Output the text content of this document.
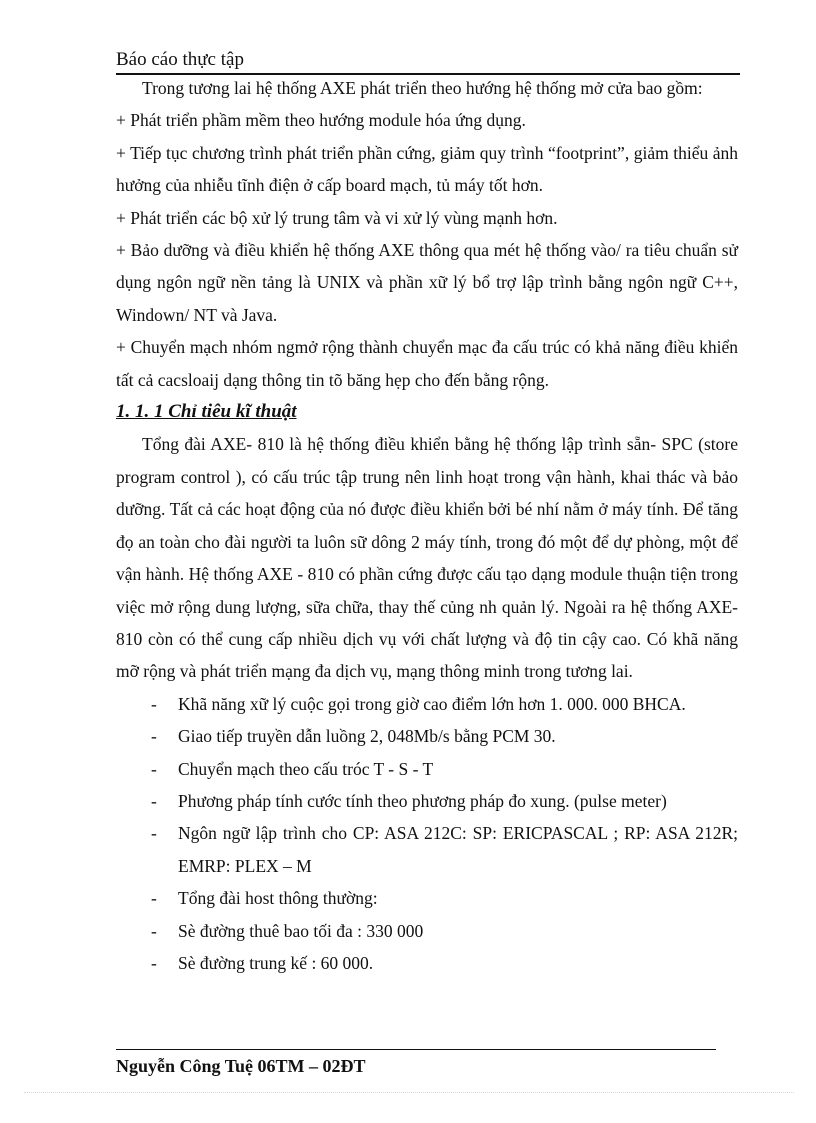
Báo cáo thực tập

Trong tương lai hệ thống AXE phát triển theo hướng hệ thống mở cửa bao gồm:

+ Phát triển phầm mềm theo hướng module hóa ứng dụng.

+ Tiếp tục chương trình phát triển phần cứng, giảm quy trình “footprint”, giảm thiểu ảnh hưởng của nhiễu tĩnh điện ở cấp board mạch, tủ máy tốt hơn.

+ Phát triển các bộ xử lý trung tâm và vi xử lý vùng mạnh hơn.

+ Bảo dưỡng và điều khiển hệ thống AXE thông qua mét hệ thống vào/ ra tiêu chuẩn sử dụng ngôn ngữ nền tảng là UNIX và phần xữ lý bổ trợ lập trình bằng ngôn ngữ C++, Windown/ NT và Java.

+ Chuyển mạch nhóm ngmở rộng thành chuyển mạc đa cấu trúc có khả năng điều khiển tất cả cacsloaij dạng thông tin tõ băng hẹp cho đến bằng rộng.

1. 1. 1 Chỉ tiêu kĩ thuật

Tổng đài AXE- 810 là hệ thống điều khiển bằng hệ thống lập trình sẵn- SPC (store program control ), có cấu trúc tập trung nên linh hoạt trong vận hành, khai thác và bảo dưỡng. Tất cả các hoạt động của nó được điều khiển bởi bé nhí nằm ở máy tính. Để tăng đọ an toàn cho đài người ta luôn sữ dông 2 máy tính, trong đó một để dự phòng, một để vận hành. Hệ thống AXE - 810 có phần cứng được cấu tạo dạng module thuận tiện trong việc mở rộng dung lượng, sữa chữa, thay thế củng nh quản lý. Ngoài ra hệ thống AXE- 810 còn có thể cung cấp nhiều dịch vụ với chất lượng và độ tin cậy cao. Có khã năng mỡ rộng và phát triển mạng đa dịch vụ, mạng thông minh trong tương lai.

- Khã năng xữ lý cuộc gọi trong giờ cao điểm lớn hơn 1. 000. 000 BHCA.
- Giao tiếp truyền dẫn luồng 2, 048Mb/s bằng PCM 30.
- Chuyển mạch theo cấu tróc T - S - T
- Phương pháp tính cước tính theo phương pháp đo xung. (pulse meter)
- Ngôn ngữ lập trình cho CP: ASA 212C: SP: ERICPASCAL ; RP: ASA 212R; EMRP: PLEX – M
- Tổng đài host thông thường:
- Sè đường thuê bao tối đa : 330 000
- Sè đường trung kế : 60 000.
Nguyễn Công Tuệ 06TM – 02ĐT
